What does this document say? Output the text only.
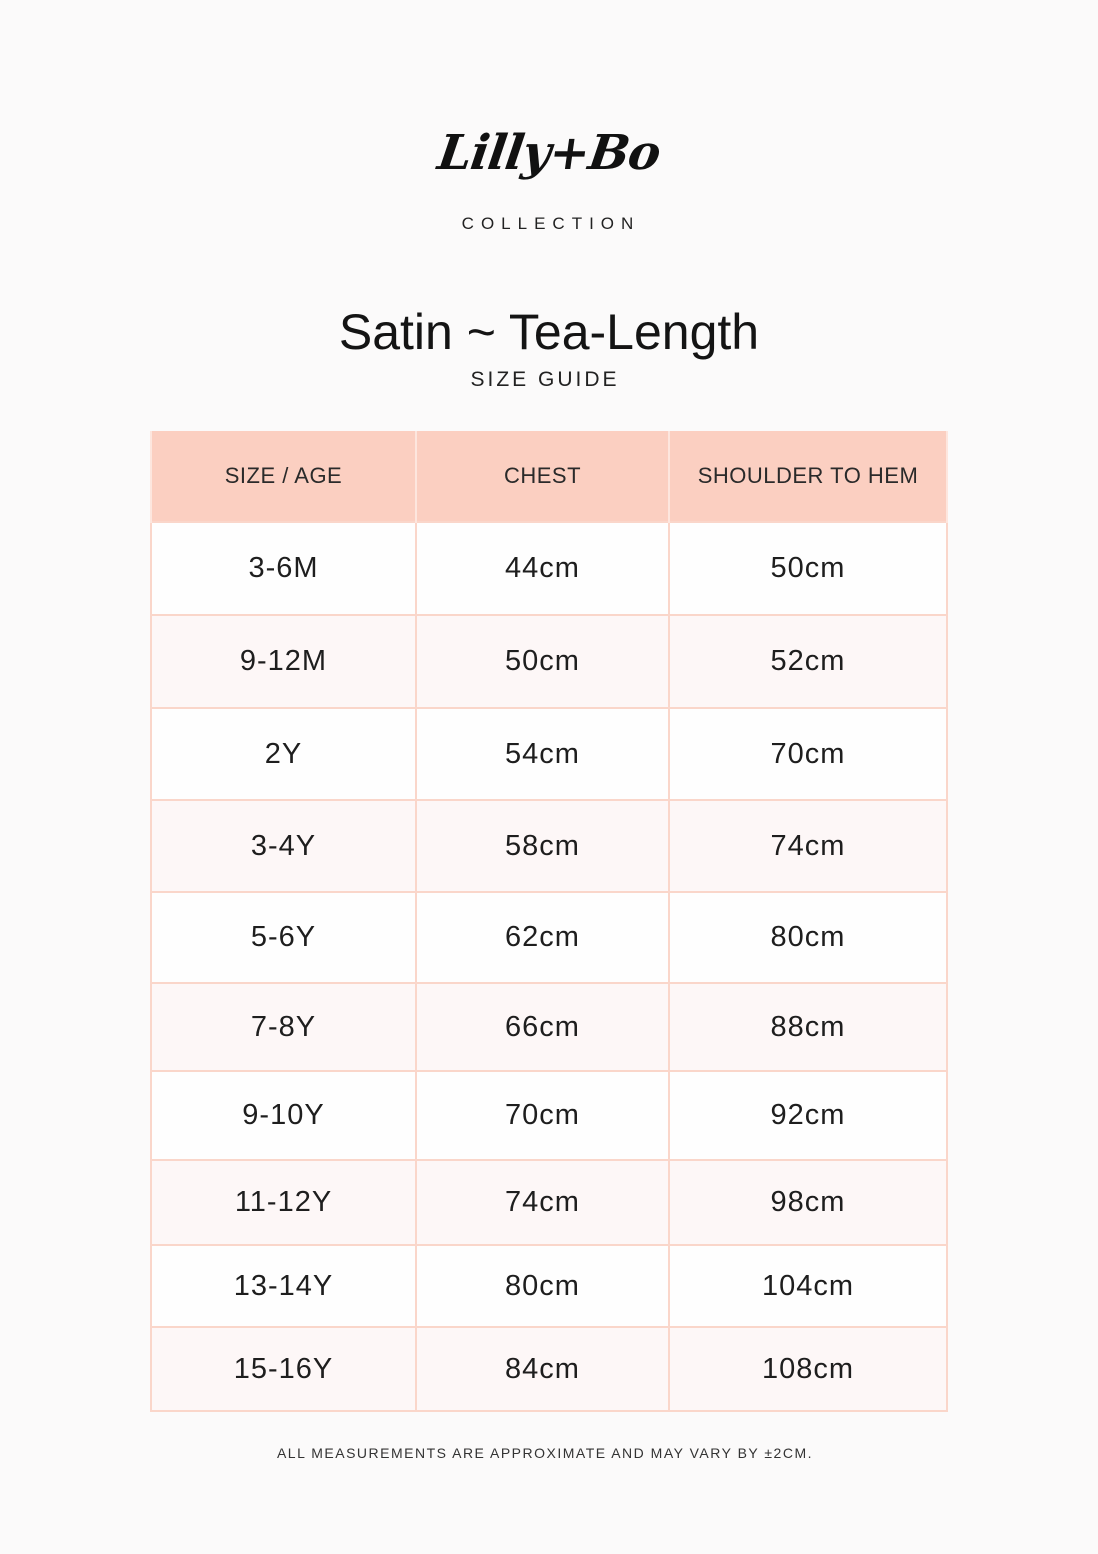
Lilly+Bo
COLLECTION
Satin ~ Tea-Length
SIZE GUIDE
SIZE / AGE	CHEST	SHOULDER TO HEM
3-6M	44cm	50cm
9-12M	50cm	52cm
2Y	54cm	70cm
3-4Y	58cm	74cm
5-6Y	62cm	80cm
7-8Y	66cm	88cm
9-10Y	70cm	92cm
11-12Y	74cm	98cm
13-14Y	80cm	104cm
15-16Y	84cm	108cm
ALL MEASUREMENTS ARE APPROXIMATE AND MAY VARY BY ±2CM.
